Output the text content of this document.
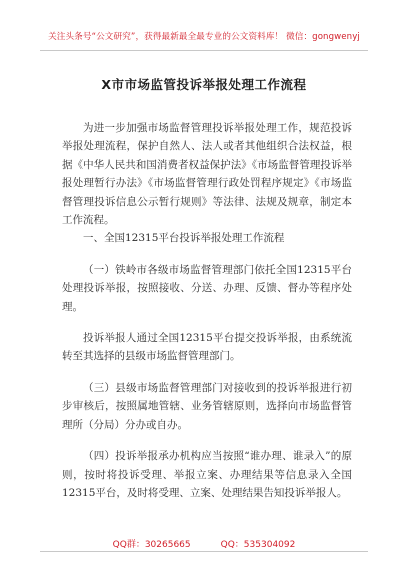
关注头条号“公文研究”，获得最新最全最专业的公文资料库！ 微信：gongwenyj
X市市场监管投诉举报处理工作流程

为进一步加强市场监督管理投诉举报处理工作，规范投诉举报处理流程，保护自然人、法人或者其他组织合法权益，根据《中华人民共和国消费者权益保护法》《市场监督管理投诉举报处理暂行办法》《市场监督管理行政处罚程序规定》《市场监督管理投诉信息公示暂行规则》等法律、法规及规章，制定本工作流程。

一、全国12315平台投诉举报处理工作流程

（一）铁岭市各级市场监督管理部门依托全国12315平台处理投诉举报，按照接收、分送、办理、反馈、督办等程序处理。

投诉举报人通过全国12315平台提交投诉举报，由系统流转至其选择的县级市场监督管理部门。

（三）县级市场监督管理部门对接收到的投诉举报进行初步审核后，按照属地管辖、业务管辖原则，选择向市场监督管理所（分局）分办或自办。

（四）投诉举报承办机构应当按照“谁办理、谁录入”的原则，按时将投诉受理、举报立案、办理结果等信息录入全国12315平台，及时将受理、立案、处理结果告知投诉举报人。

QQ群：30265665	QQ：535304092
